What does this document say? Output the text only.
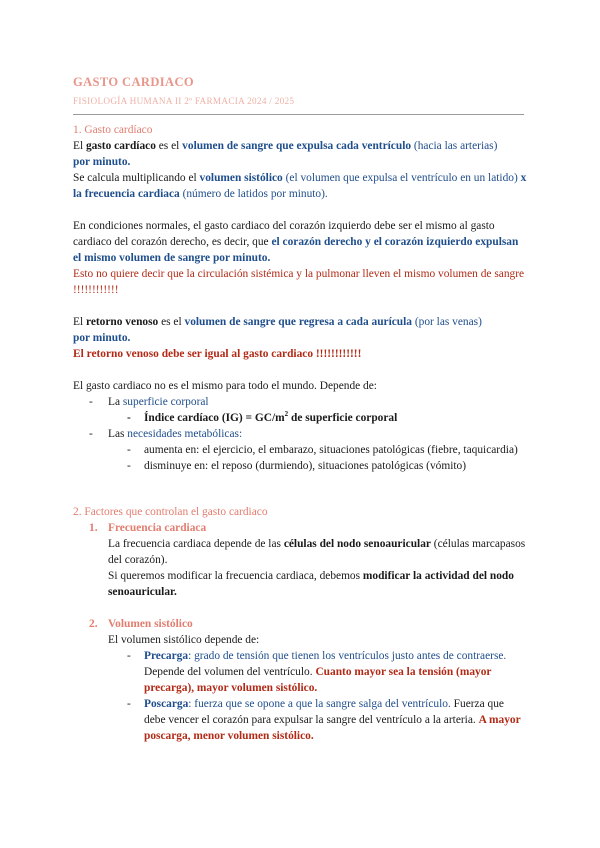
GASTO CARDIACO
FISIOLOGÍA HUMANA II 2º FARMACIA 2024 / 2025

1. Gasto cardíaco

El gasto cardíaco es el volumen de sangre que expulsa cada ventrículo (hacia las arterias)
por minuto.

Se calcula multiplicando el volumen sistólico (el volumen que expulsa el ventrículo en un latido) x la frecuencia cardiaca (número de latidos por minuto).

En condiciones normales, el gasto cardiaco del corazón izquierdo debe ser el mismo al gasto cardiaco del corazón derecho, es decir, que el corazón derecho y el corazón izquierdo expulsan el mismo volumen de sangre por minuto.

Esto no quiere decir que la circulación sistémica y la pulmonar lleven el mismo volumen de sangre !!!!!!!!!!!!

El retorno venoso es el volumen de sangre que regresa a cada aurícula (por las venas)
por minuto.

El retorno venoso debe ser igual al gasto cardiaco !!!!!!!!!!!!

El gasto cardiaco no es el mismo para todo el mundo. Depende de:

- La superficie corporal
- Índice cardíaco $(IG) = GC/m^2$ de superficie corporal
- Las necesidades metabólicas:
- aumenta en: el ejercicio, el embarazo, situaciones patológicas (fiebre, taquicardia)
- disminuye en: el reposo (durmiendo), situaciones patológicas (vómito)

2. Factores que controlan el gasto cardiaco

1. Frecuencia cardiaca

La frecuencia cardiaca depende de las células del nodo senoauricular (células marcapasos del corazón).

Si queremos modificar la frecuencia cardiaca, debemos modificar la actividad del nodo senoauricular.

2. Volumen sistólico

El volumen sistólico depende de:

- Precarga: grado de tensión que tienen los ventrículos justo antes de contraerse. Depende del volumen del ventrículo. Cuanto mayor sea la tensión (mayor precarga), mayor volumen sistólico.
- Poscarga: fuerza que se opone a que la sangre salga del ventrículo. Fuerza que debe vencer el corazón para expulsar la sangre del ventrículo a la arteria. A mayor poscarga, menor volumen sistólico.
